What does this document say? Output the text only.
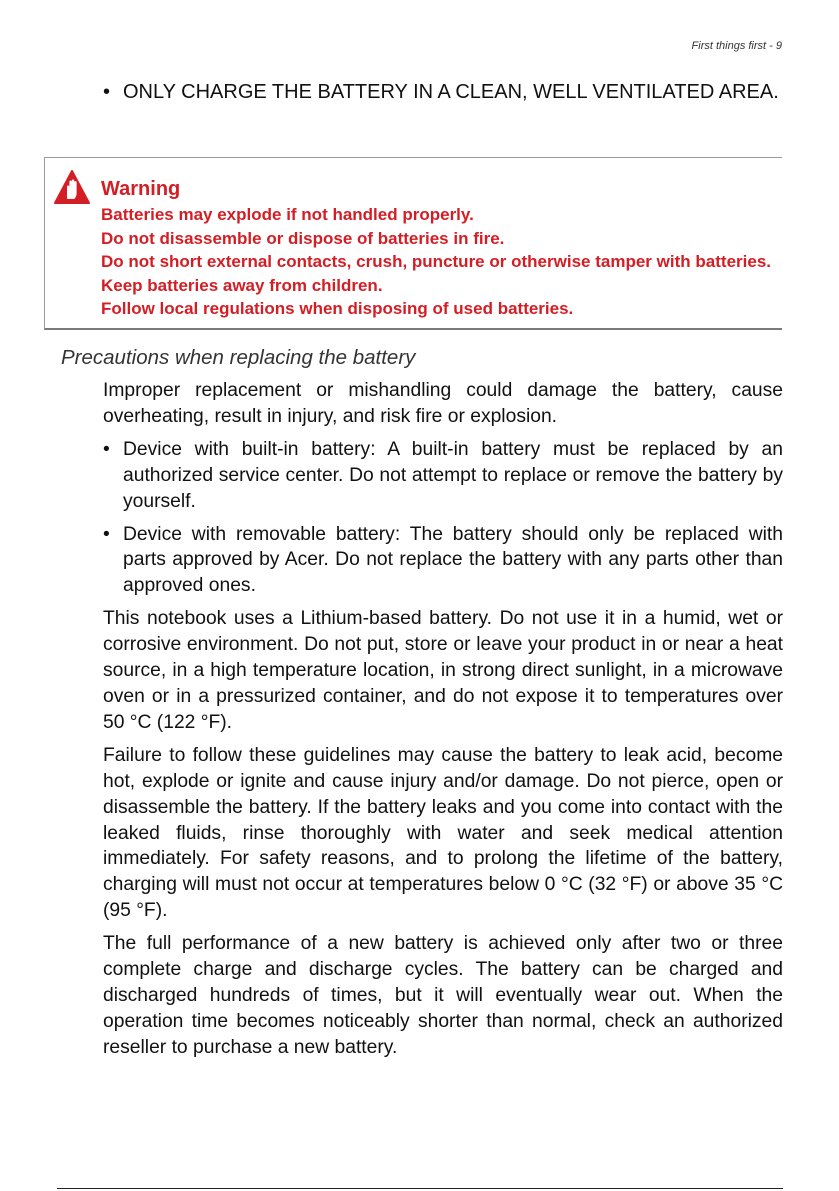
First things first - 9
• ONLY CHARGE THE BATTERY IN A CLEAN, WELL VENTILATED AREA.
Warning
Batteries may explode if not handled properly.
Do not disassemble or dispose of batteries in fire.
Do not short external contacts, crush, puncture or otherwise tamper with batteries. Keep batteries away from children.
Follow local regulations when disposing of used batteries.
Precautions when replacing the battery

Improper replacement or mishandling could damage the battery, cause overheating, result in injury, and risk fire or explosion.

• Device with built-in battery: A built-in battery must be replaced by an authorized service center. Do not attempt to replace or remove the battery by yourself.
• Device with removable battery: The battery should only be replaced with parts approved by Acer. Do not replace the battery with any parts other than approved ones.

This notebook uses a Lithium-based battery. Do not use it in a humid, wet or corrosive environment. Do not put, store or leave your product in or near a heat source, in a high temperature location, in strong direct sunlight, in a microwave oven or in a pressurized container, and do not expose it to temperatures over 50 °C (122 °F).

Failure to follow these guidelines may cause the battery to leak acid, become hot, explode or ignite and cause injury and/or damage. Do not pierce, open or disassemble the battery. If the battery leaks and you come into contact with the leaked fluids, rinse thoroughly with water and seek medical attention immediately. For safety reasons, and to prolong the lifetime of the battery, charging will must not occur at temperatures below 0 °C (32 °F) or above 35 °C (95 °F).

The full performance of a new battery is achieved only after two or three complete charge and discharge cycles. The battery can be charged and discharged hundreds of times, but it will eventually wear out. When the operation time becomes noticeably shorter than normal, check an authorized reseller to purchase a new battery.
